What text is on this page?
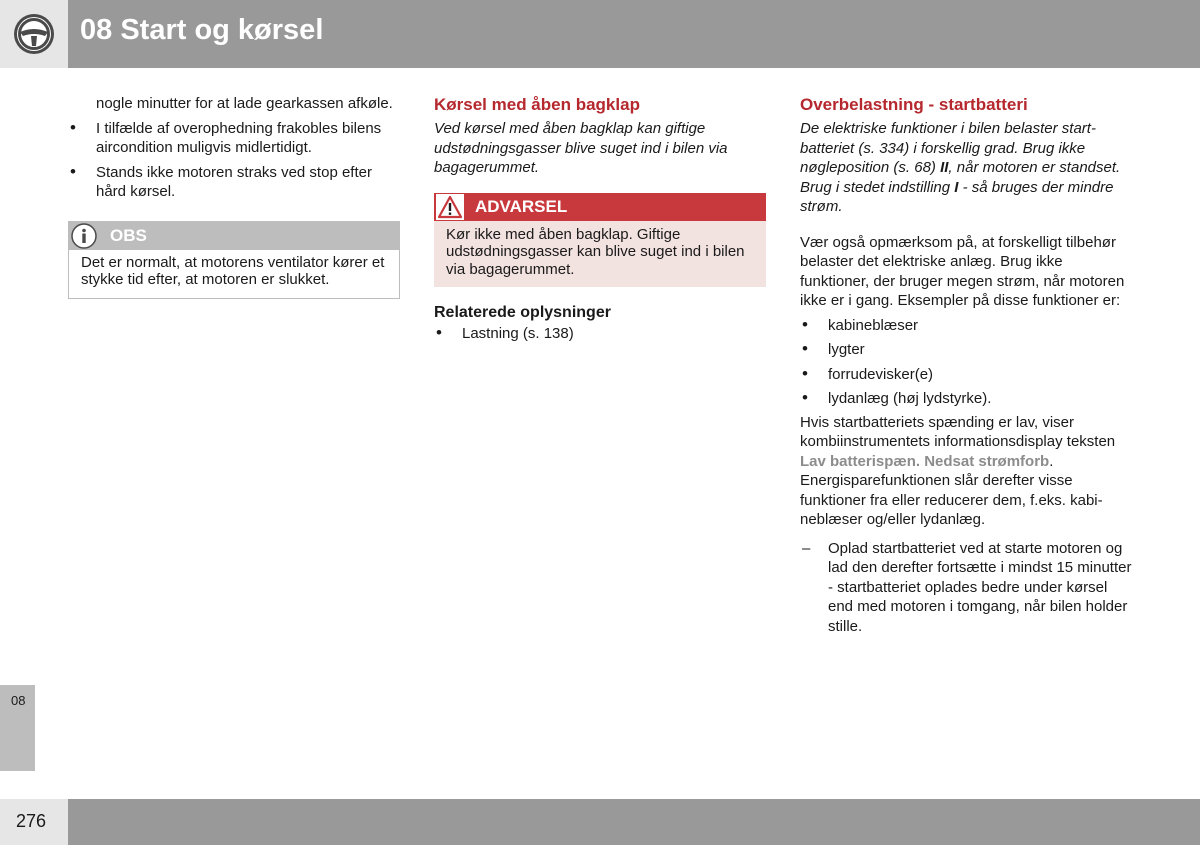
08 Start og kørsel
nogle minutter for at lade gearkassen afkøle.
• I tilfælde af overophedning frakobles bilens aircondition muligvis midlertidigt.
• Stands ikke motoren straks ved stop efter hård kørsel.
OBS
Det er normalt, at motorens ventilator kører et stykke tid efter, at motoren er slukket.
Kørsel med åben bagklap
Ved kørsel med åben bagklap kan giftige udstødningsgasser blive suget ind i bilen via bagagerummet.
ADVARSEL
Kør ikke med åben bagklap. Giftige udstødningsgasser kan blive suget ind i bilen via bagagerummet.
Relaterede oplysninger
• Lastning (s. 138)
Overbelastning - startbatteri
De elektriske funktioner i bilen belaster startbatteriet (s. 334) i forskellig grad. Brug ikke nøgleposition (s. 68) II, når motoren er standset. Brug i stedet indstilling I - så bruges der mindre strøm.
Vær også opmærksom på, at forskelligt tilbehør belaster det elektriske anlæg. Brug ikke funktioner, der bruger megen strøm, når motoren ikke er i gang. Eksempler på disse funktioner er:
• kabineblæser
• lygter
• forrudevisker(e)
• lydanlæg (høj lydstyrke).
Hvis startbatteriets spænding er lav, viser kombiinstrumentets informationsdisplay teksten Lav batterispæn. Nedsat strømforb. Energisparefunktionen slår derefter visse funktioner fra eller reducerer dem, f.eks. kabineblæser og/eller lydanlæg.
– Oplad startbatteriet ved at starte motoren og lad den derefter fortsætte i mindst 15 minutter - startbatteriet oplades bedre under kørsel end med motoren i tomgang, når bilen holder stille.
08
276
